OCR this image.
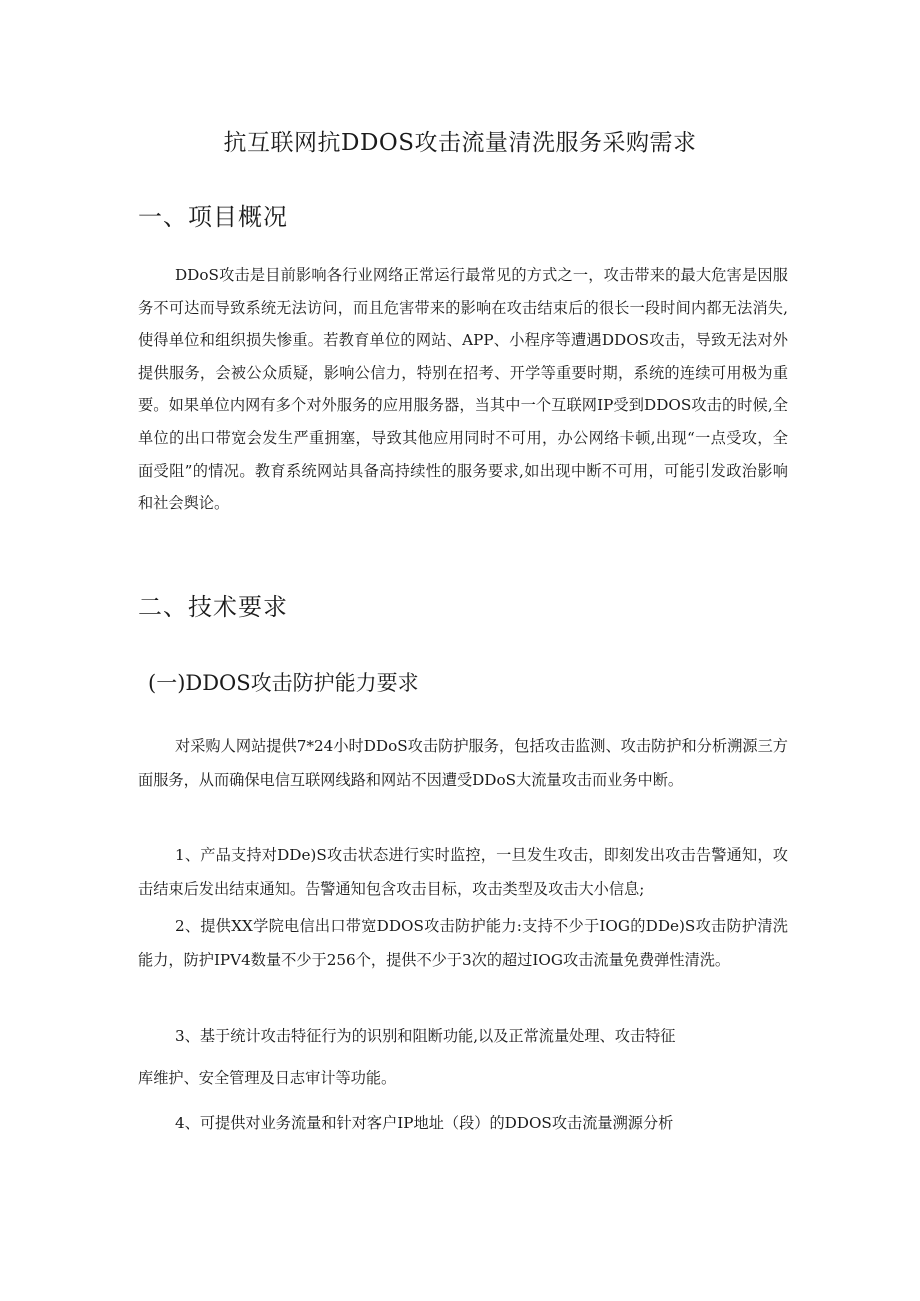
抗互联网抗DDOS攻击流量清洗服务采购需求
一、项目概况

DDoS攻击是目前影响各行业网络正常运行最常见的方式之一，攻击带来的最大危害是因服务不可达而导致系统无法访问，而且危害带来的影响在攻击结束后的很长一段时间内都无法消失,使得单位和组织损失惨重。若教育单位的网站、APP、小程序等遭遇DDOS攻击，导致无法对外提供服务，会被公众质疑，影响公信力，特别在招考、开学等重要时期，系统的连续可用极为重要。如果单位内网有多个对外服务的应用服务器，当其中一个互联网IP受到DDOS攻击的时候,全单位的出口带宽会发生严重拥塞，导致其他应用同时不可用，办公网络卡顿,出现“一点受攻，全面受阻”的情况。教育系统网站具备高持续性的服务要求,如出现中断不可用，可能引发政治影响和社会舆论。

二、技术要求
(一)DDOS攻击防护能力要求

对采购人网站提供7*24小时DDoS攻击防护服务，包括攻击监测、攻击防护和分析溯源三方面服务，从而确保电信互联网线路和网站不因遭受DDoS大流量攻击而业务中断。

1、产品支持对DDe)S攻击状态进行实时监控，一旦发生攻击，即刻发出攻击告警通知，攻击结束后发出结束通知。告警通知包含攻击目标，攻击类型及攻击大小信息;

2、提供XX学院电信出口带宽DDOS攻击防护能力:支持不少于IOG的DDe)S攻击防护清洗能力，防护IPV4数量不少于256个，提供不少于3次的超过IOG攻击流量免费弹性清洗。

3、基于统计攻击特征行为的识别和阻断功能,以及正常流量处理、攻击特征

库维护、安全管理及日志审计等功能。

4、可提供对业务流量和针对客户IP地址（段）的DDOS攻击流量溯源分析
